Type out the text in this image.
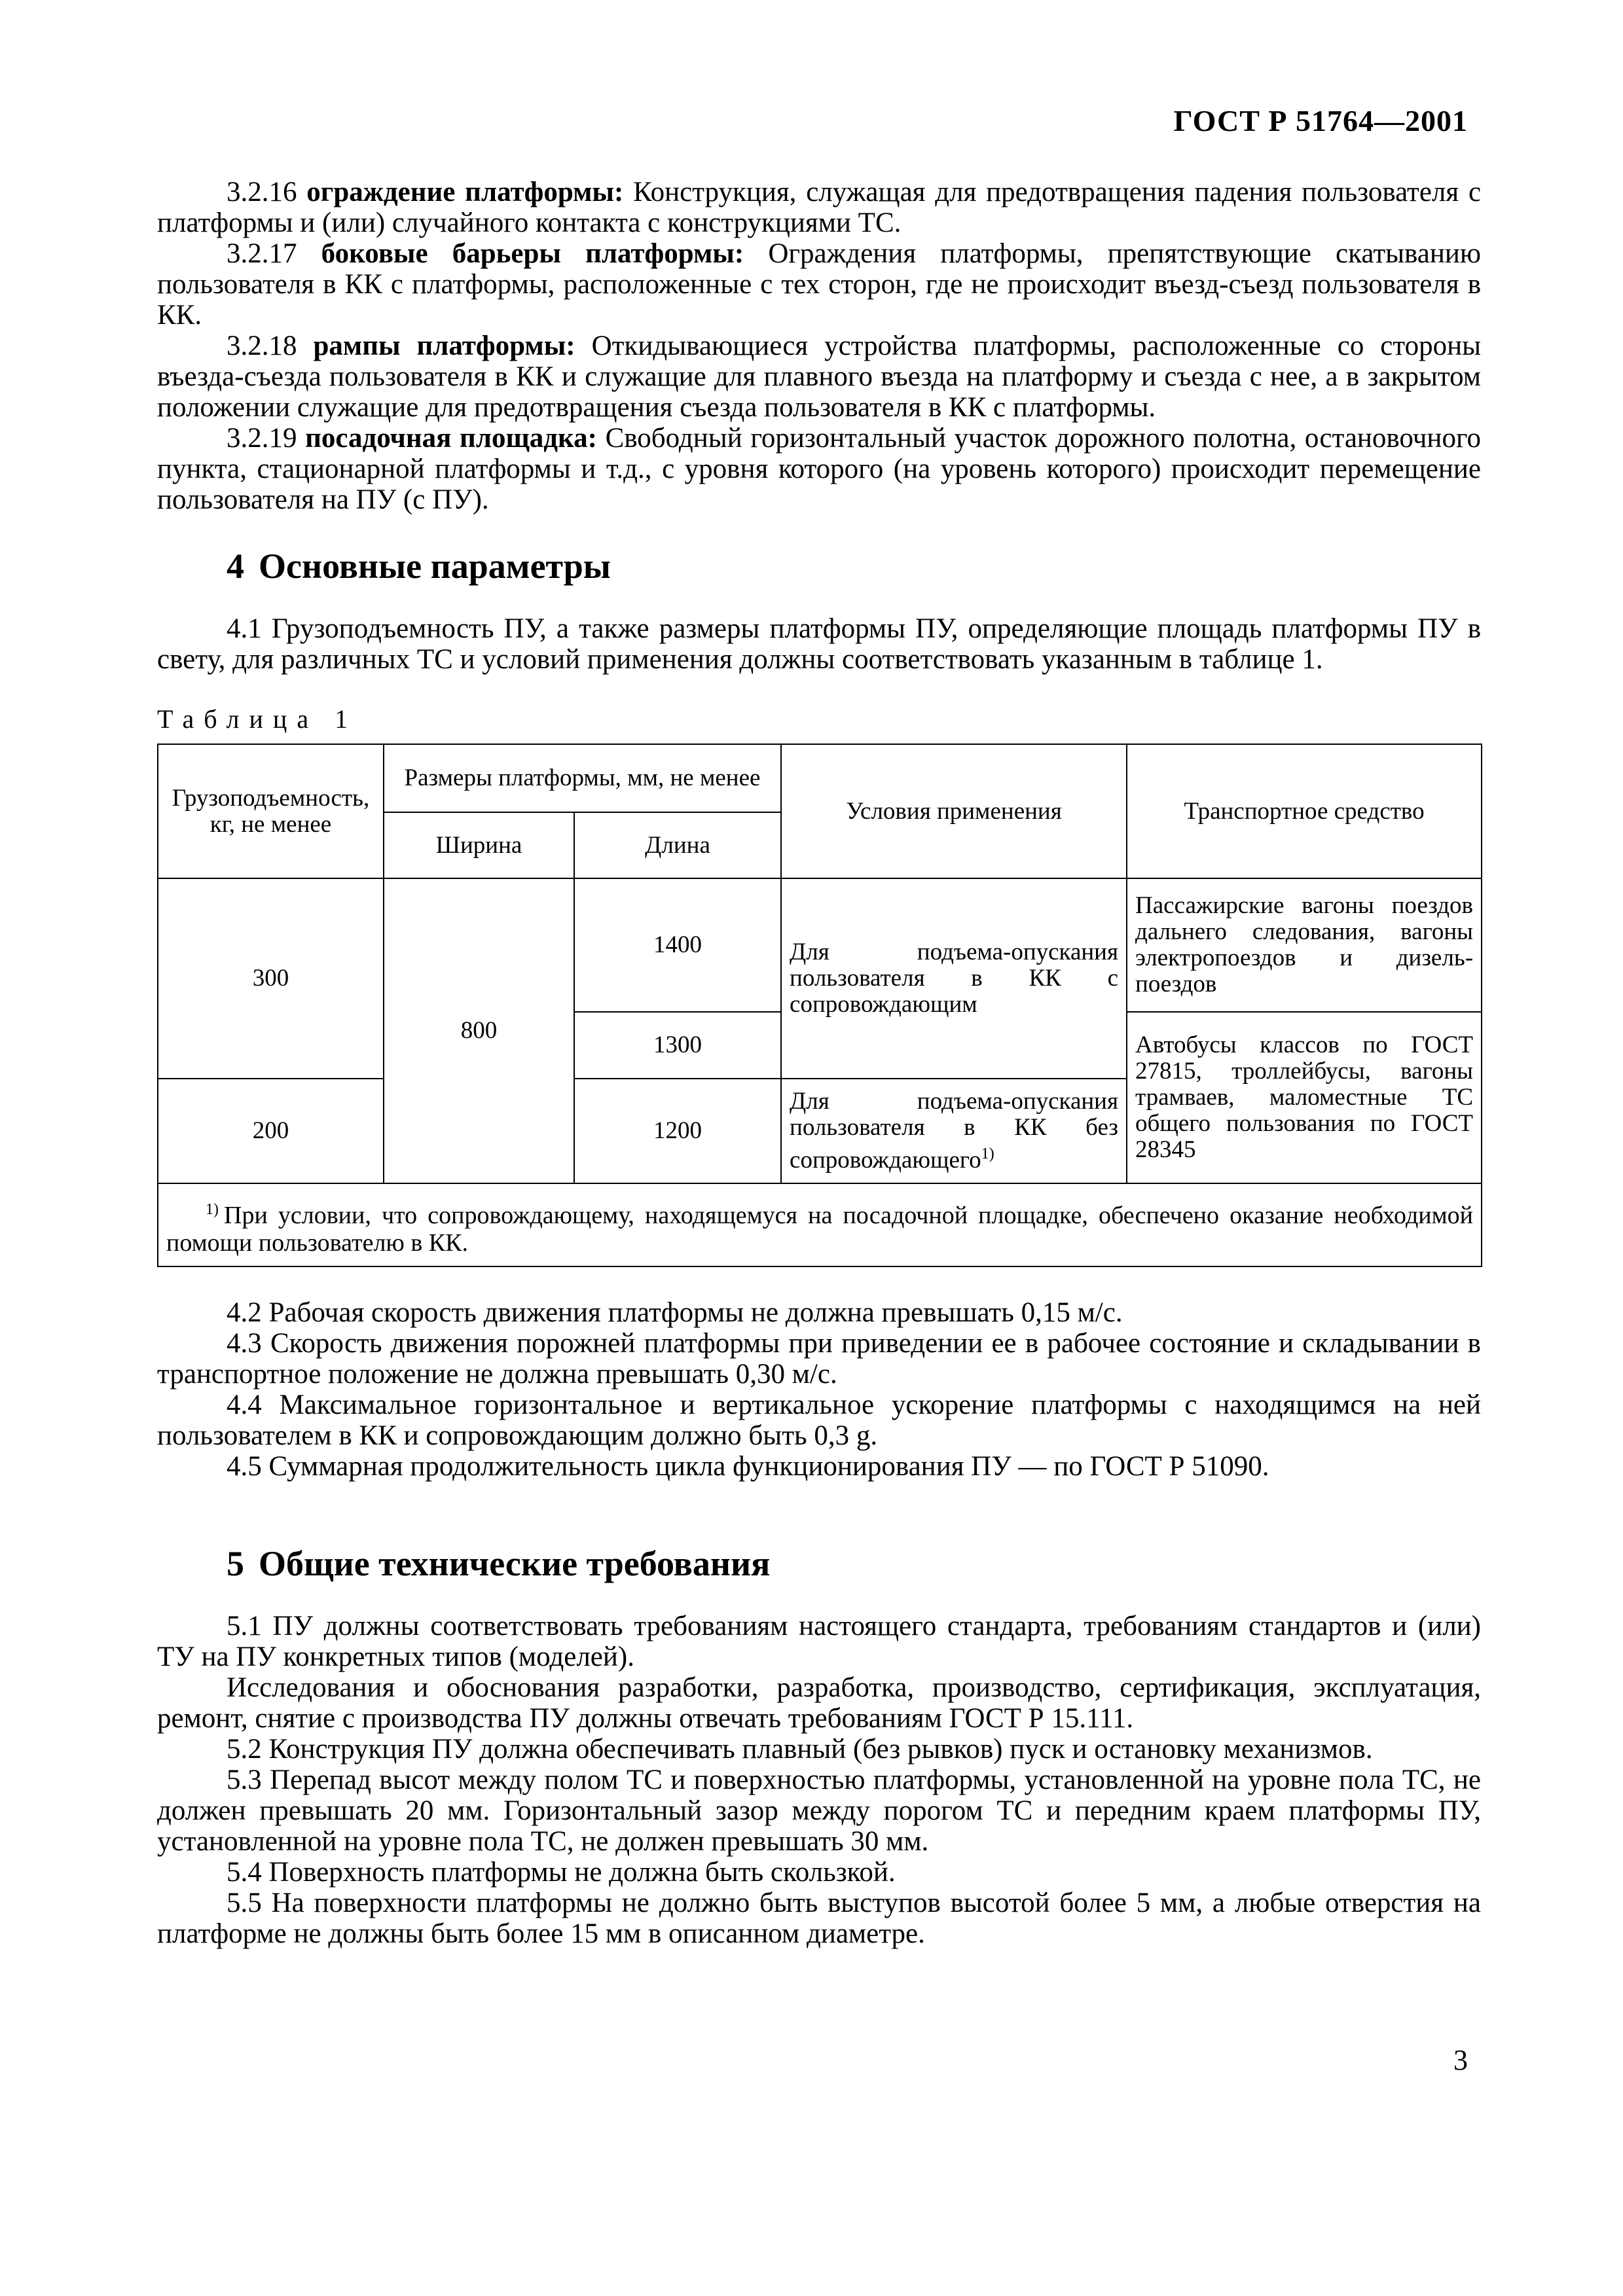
ГОСТ Р 51764—2001

3.2.16 ограждение платформы: Конструкция, служащая для предотвращения падения пользователя с платформы и (или) случайного контакта с конструкциями ТС.

3.2.17 боковые барьеры платформы: Ограждения платформы, препятствующие скатыванию пользователя в КК с платформы, расположенные с тех сторон, где не происходит въезд-съезд пользователя в КК.

3.2.18 рампы платформы: Откидывающиеся устройства платформы, расположенные со стороны въезда-съезда пользователя в КК и служащие для плавного въезда на платформу и съезда с нее, а в закрытом положении служащие для предотвращения съезда пользователя в КК с платформы.

3.2.19 посадочная площадка: Свободный горизонтальный участок дорожного полотна, остановочного пункта, стационарной платформы и т.д., с уровня которого (на уровень которого) происходит перемещение пользователя на ПУ (с ПУ).

4 Основные параметры

4.1 Грузоподъемность ПУ, а также размеры платформы ПУ, определяющие площадь платформы ПУ в свету, для различных ТС и условий применения должны соответствовать указанным в таблице 1.

Таблица 1
Грузоподъемность, кг, не менее	Размеры платформы, мм, не менее		Условия применения	Транспортное средство
	Ширина	Длина		
300	800	1400	Для подъема-опускания пользователя в КК с сопровождающим	Пассажирские вагоны поездов дальнего следования, вагоны электропоездов и дизель-поездов
		1300		Автобусы классов по ГОСТ 27815, троллейбусы, вагоны трамваев, маломестные ТС общего пользования по ГОСТ 28345
200		1200	Для подъема-опускания пользователя в КК без сопровождающего$^{1)}$
$^{1)}$ При условии, что сопровождающему, находящемуся на посадочной площадке, обеспечено оказание необходимой помощи пользователю в КК.				

4.2 Рабочая скорость движения платформы не должна превышать 0,15 м/с.

4.3 Скорость движения порожней платформы при приведении ее в рабочее состояние и складывании в транспортное положение не должна превышать 0,30 м/с.

4.4 Максимальное горизонтальное и вертикальное ускорение платформы с находящимся на ней пользователем в КК и сопровождающим должно быть 0,3 g.

4.5 Суммарная продолжительность цикла функционирования ПУ — по ГОСТ Р 51090.

5 Общие технические требования

5.1 ПУ должны соответствовать требованиям настоящего стандарта, требованиям стандартов и (или) ТУ на ПУ конкретных типов (моделей).

Исследования и обоснования разработки, разработка, производство, сертификация, эксплуатация, ремонт, снятие с производства ПУ должны отвечать требованиям ГОСТ Р 15.111.

5.2 Конструкция ПУ должна обеспечивать плавный (без рывков) пуск и остановку механизмов.

5.3 Перепад высот между полом ТС и поверхностью платформы, установленной на уровне пола ТС, не должен превышать 20 мм. Горизонтальный зазор между порогом ТС и передним краем платформы ПУ, установленной на уровне пола ТС, не должен превышать 30 мм.

5.4 Поверхность платформы не должна быть скользкой.

5.5 На поверхности платформы не должно быть выступов высотой более 5 мм, а любые отверстия на платформе не должны быть более 15 мм в описанном диаметре.

3
